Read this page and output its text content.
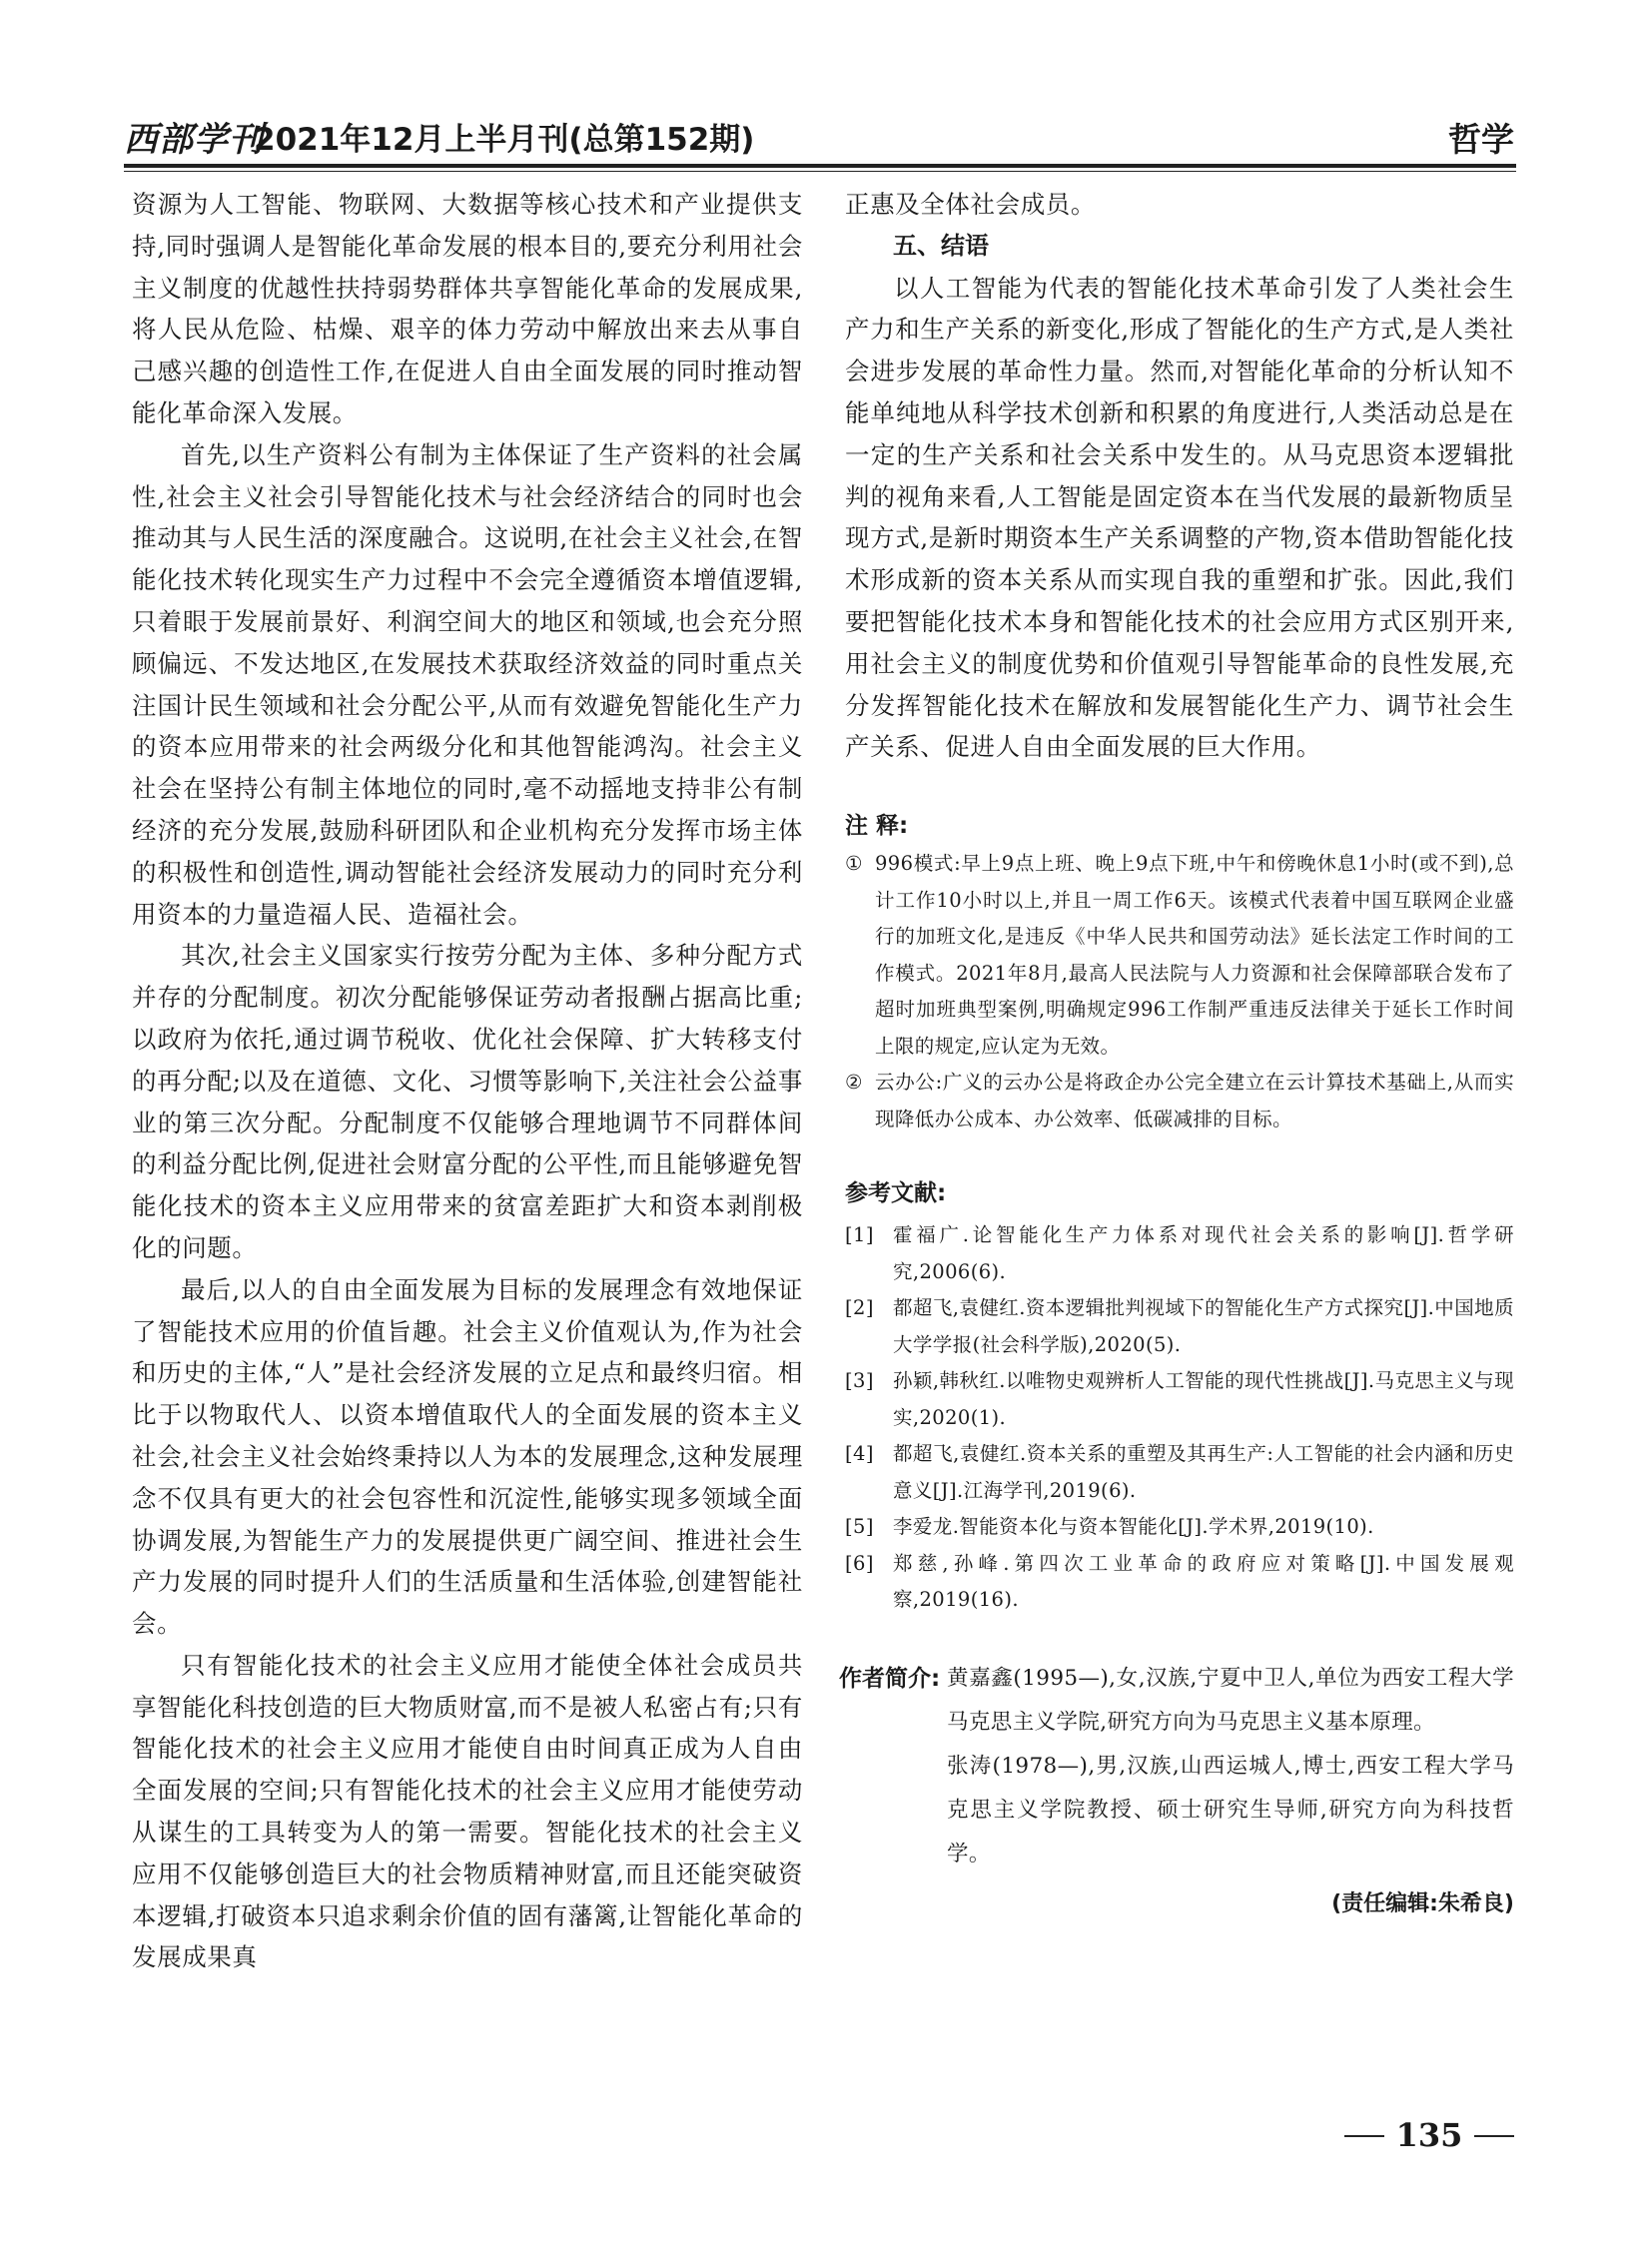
西部学刊
2021年12月上半月刊(总第152期)	哲学

资源为人工智能、物联网、大数据等核心技术和产业提供支持,同时强调人是智能化革命发展的根本目的,要充分利用社会主义制度的优越性扶持弱势群体共享智能化革命的发展成果,将人民从危险、枯燥、艰辛的体力劳动中解放出来去从事自己感兴趣的创造性工作,在促进人自由全面发展的同时推动智能化革命深入发展。

首先,以生产资料公有制为主体保证了生产资料的社会属性,社会主义社会引导智能化技术与社会经济结合的同时也会推动其与人民生活的深度融合。这说明,在社会主义社会,在智能化技术转化现实生产力过程中不会完全遵循资本增值逻辑,只着眼于发展前景好、利润空间大的地区和领域,也会充分照顾偏远、不发达地区,在发展技术获取经济效益的同时重点关注国计民生领域和社会分配公平,从而有效避免智能化生产力的资本应用带来的社会两级分化和其他智能鸿沟。社会主义社会在坚持公有制主体地位的同时,毫不动摇地支持非公有制经济的充分发展,鼓励科研团队和企业机构充分发挥市场主体的积极性和创造性,调动智能社会经济发展动力的同时充分利用资本的力量造福人民、造福社会。

其次,社会主义国家实行按劳分配为主体、多种分配方式并存的分配制度。初次分配能够保证劳动者报酬占据高比重;以政府为依托,通过调节税收、优化社会保障、扩大转移支付的再分配;以及在道德、文化、习惯等影响下,关注社会公益事业的第三次分配。分配制度不仅能够合理地调节不同群体间的利益分配比例,促进社会财富分配的公平性,而且能够避免智能化技术的资本主义应用带来的贫富差距扩大和资本剥削极化的问题。

最后,以人的自由全面发展为目标的发展理念有效地保证了智能技术应用的价值旨趣。社会主义价值观认为,作为社会和历史的主体,“人”是社会经济发展的立足点和最终归宿。相比于以物取代人、以资本增值取代人的全面发展的资本主义社会,社会主义社会始终秉持以人为本的发展理念,这种发展理念不仅具有更大的社会包容性和沉淀性,能够实现多领域全面协调发展,为智能生产力的发展提供更广阔空间、推进社会生产力发展的同时提升人们的生活质量和生活体验,创建智能社会。

只有智能化技术的社会主义应用才能使全体社会成员共享智能化科技创造的巨大物质财富,而不是被人私密占有;只有智能化技术的社会主义应用才能使自由时间真正成为人自由全面发展的空间;只有智能化技术的社会主义应用才能使劳动从谋生的工具转变为人的第一需要。智能化技术的社会主义应用不仅能够创造巨大的社会物质精神财富,而且还能突破资本逻辑,打破资本只追求剩余价值的固有藩篱,让智能化革命的发展成果真

正惠及全体社会成员。

五、结语

以人工智能为代表的智能化技术革命引发了人类社会生产力和生产关系的新变化,形成了智能化的生产方式,是人类社会进步发展的革命性力量。然而,对智能化革命的分析认知不能单纯地从科学技术创新和积累的角度进行,人类活动总是在一定的生产关系和社会关系中发生的。从马克思资本逻辑批判的视角来看,人工智能是固定资本在当代发展的最新物质呈现方式,是新时期资本生产关系调整的产物,资本借助智能化技术形成新的资本关系从而实现自我的重塑和扩张。因此,我们要把智能化技术本身和智能化技术的社会应用方式区别开来,用社会主义的制度优势和价值观引导智能革命的良性发展,充分发挥智能化技术在解放和发展智能化生产力、调节社会生产关系、促进人自由全面发展的巨大作用。

注 释:

① 996模式:早上9点上班、晚上9点下班,中午和傍晚休息1小时(或不到),总计工作10小时以上,并且一周工作6天。该模式代表着中国互联网企业盛行的加班文化,是违反《中华人民共和国劳动法》延长法定工作时间的工作模式。2021年8月,最高人民法院与人力资源和社会保障部联合发布了超时加班典型案例,明确规定996工作制严重违反法律关于延长工作时间上限的规定,应认定为无效。

② 云办公:广义的云办公是将政企办公完全建立在云计算技术基础上,从而实现降低办公成本、办公效率、低碳减排的目标。

参考文献:

[1] 霍福广.论智能化生产力体系对现代社会关系的影响[J].哲学研究,2006(6).

[2] 都超飞,袁健红.资本逻辑批判视域下的智能化生产方式探究[J].中国地质大学学报(社会科学版),2020(5).

[3] 孙颖,韩秋红.以唯物史观辨析人工智能的现代性挑战[J].马克思主义与现实,2020(1).

[4] 都超飞,袁健红.资本关系的重塑及其再生产:人工智能的社会内涵和历史意义[J].江海学刊,2019(6).

[5] 李爱龙.智能资本化与资本智能化[J].学术界,2019(10).

[6] 郑慈,孙峰.第四次工业革命的政府应对策略[J].中国发展观察,2019(16).

作者简介: 黄嘉鑫(1995—),女,汉族,宁夏中卫人,单位为西安工程大学马克思主义学院,研究方向为马克思主义基本原理。

张涛(1978—),男,汉族,山西运城人,博士,西安工程大学马克思主义学院教授、硕士研究生导师,研究方向为科技哲学。

(责任编辑:朱希良)
135
